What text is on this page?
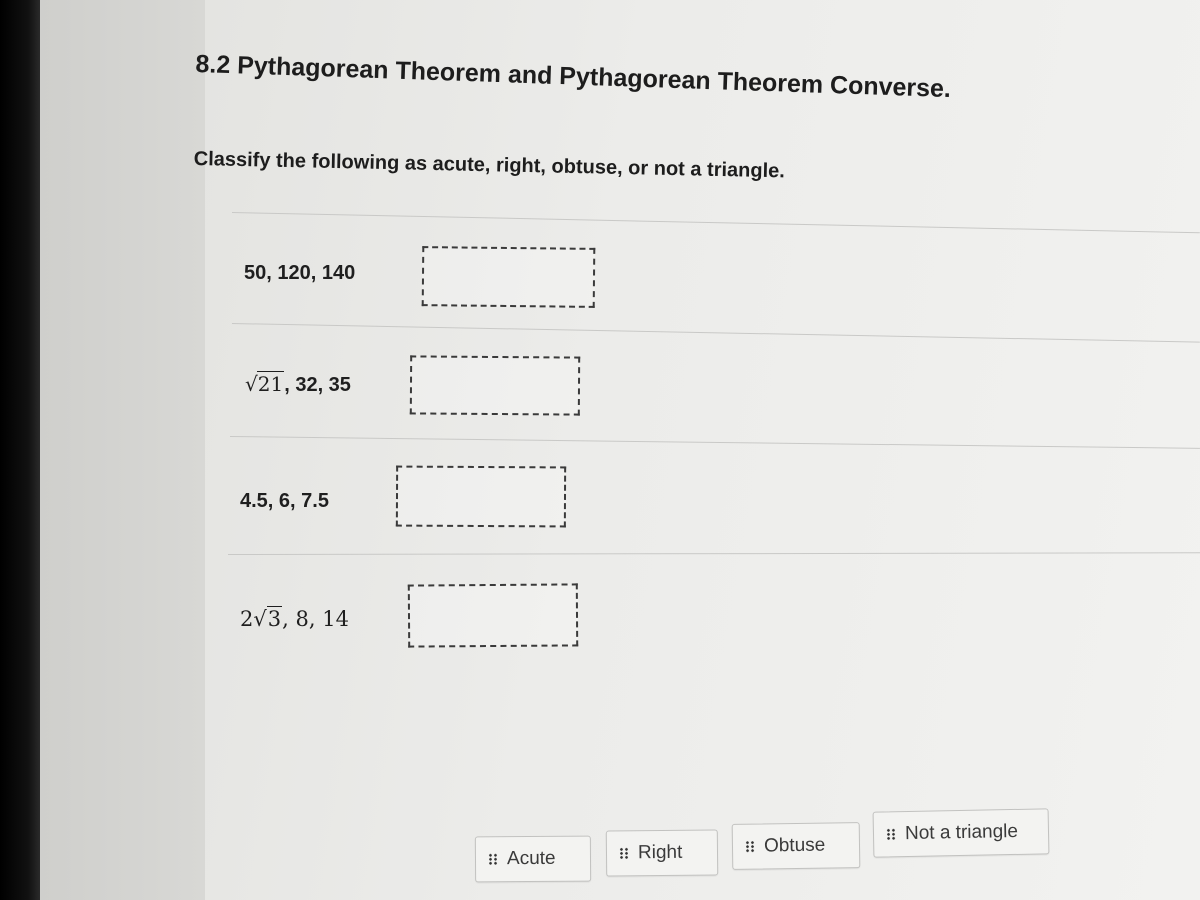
8.2 Pythagorean Theorem and Pythagorean Theorem Converse.
Classify the following as acute, right, obtuse, or not a triangle.
50, 120, 140
√21, 32, 35
4.5, 6, 7.5
2√3, 8, 14
Acute	Right	Obtuse
Not a triangle
